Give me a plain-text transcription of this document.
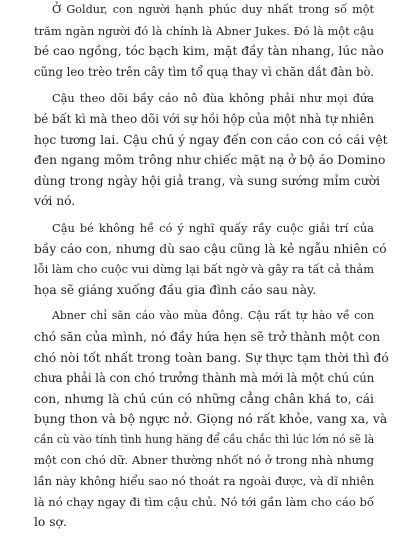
Ở Goldur, con người hạnh phúc duy nhất trong số một
trăm ngàn người đó là chính là Abner Jukes. Đó là một cậu
bé cao ngồng, tóc bạch kim, mặt đầy tàn nhang, lúc nào
cũng leo trèo trên cây tìm tổ quạ thay vì chăn dắt đàn bò.

Cậu theo dõi bầy cáo nô đùa không phải như mọi đứa
bé bất kì mà theo dõi với sự hồi hộp của một nhà tự nhiên
học tương lai. Cậu chú ý ngay đến con cáo con có cái vệt
đen ngang mõm trông như chiếc mặt nạ ở bộ áo Domino
dùng trong ngày hội giả trang, và sung sướng mỉm cười
với nó.

Cậu bé không hề có ý nghĩ quấy rầy cuộc giải trí của
bầy cáo con, nhưng dù sao cậu cũng là kẻ ngẫu nhiên có
lỗi làm cho cuộc vui dừng lại bất ngờ và gây ra tất cả thảm
họa sẽ giáng xuống đầu gia đình cáo sau này.

Abner chỉ săn cáo vào mùa đông. Cậu rất tự hào về con
chó săn của mình, nó đầy hứa hẹn sẽ trở thành một con
chó nòi tốt nhất trong toàn bang. Sự thực tạm thời thì đó
chưa phải là con chó trưởng thành mà mới là một chú cún
con, nhưng là chú cún có những cẳng chân khá to, cái
bụng thon và bộ ngực nở. Giọng nó rất khỏe, vang xa, và
cần cù vào tính tình hung hăng để cầu chắc thì lúc lớn nó sẽ là
một con chó dữ. Abner thường nhốt nó ở trong nhà nhưng
lần này không hiểu sao nó thoát ra ngoài được, và dĩ nhiên
là nó chạy ngay đi tìm cậu chủ. Nó tới gần làm cho cáo bố
lo sợ.
